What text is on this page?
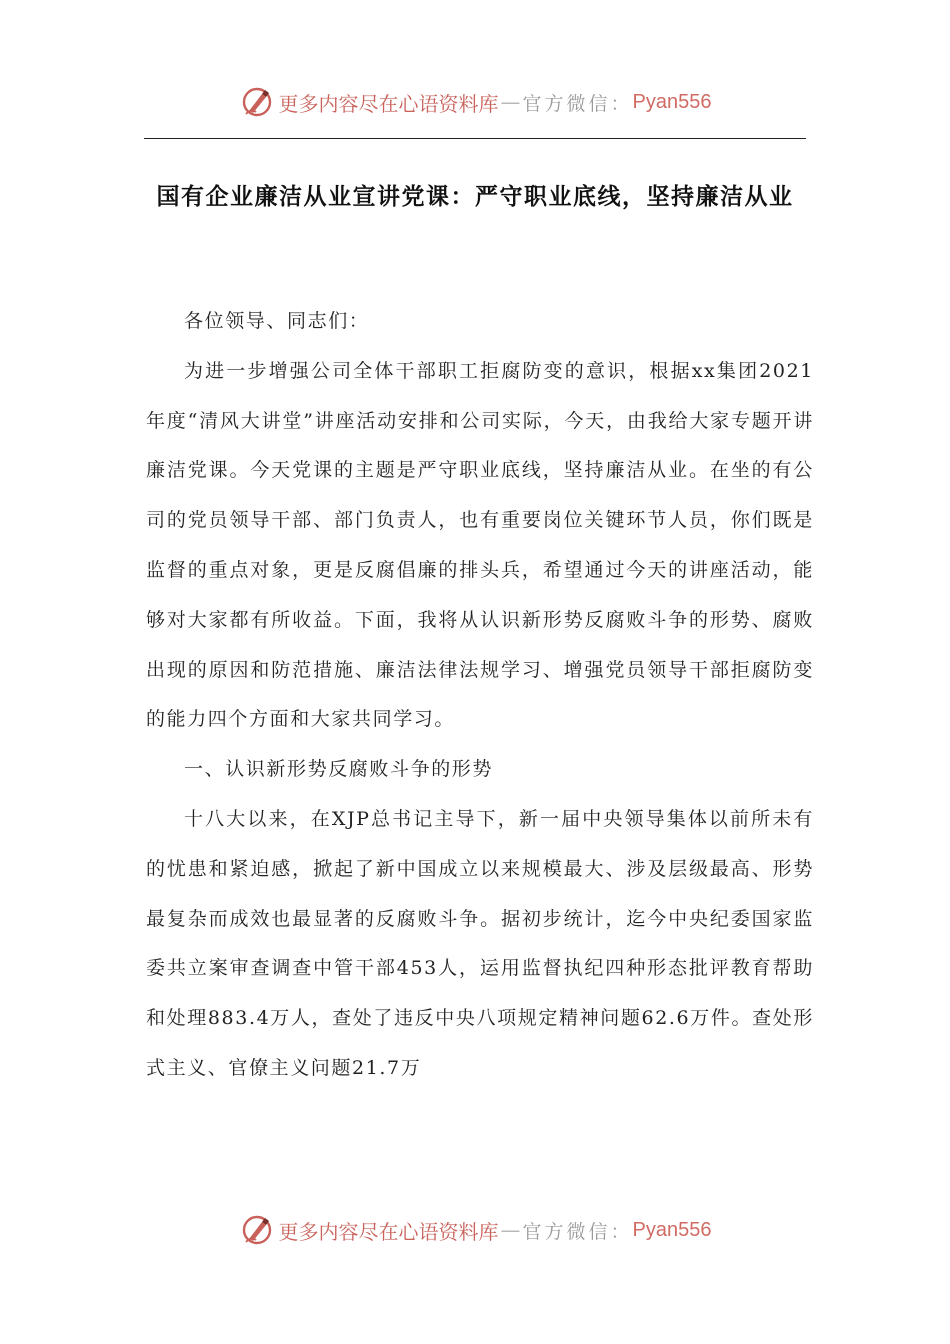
更多内容尽在心语资料库 — 官方微信： Pyan556
国有企业廉洁从业宣讲党课：严守职业底线，坚持廉洁从业

各位领导、同志们：

为进一步增强公司全体干部职工拒腐防变的意识，根据xx集团2021年度“清风大讲堂”讲座活动安排和公司实际，今天，由我给大家专题开讲廉洁党课。今天党课的主题是严守职业底线，坚持廉洁从业。在坐的有公司的党员领导干部、部门负责人，也有重要岗位关键环节人员，你们既是监督的重点对象，更是反腐倡廉的排头兵，希望通过今天的讲座活动，能够对大家都有所收益。下面，我将从认识新形势反腐败斗争的形势、腐败出现的原因和防范措施、廉洁法律法规学习、增强党员领导干部拒腐防变的能力四个方面和大家共同学习。

一、认识新形势反腐败斗争的形势

十八大以来，在XJP总书记主导下，新一届中央领导集体以前所未有的忧患和紧迫感，掀起了新中国成立以来规模最大、涉及层级最高、形势最复杂而成效也最显著的反腐败斗争。据初步统计，迄今中央纪委国家监委共立案审查调查中管干部453人，运用监督执纪四种形态批评教育帮助和处理883.4万人，查处了违反中央八项规定精神问题62.6万件。查处形式主义、官僚主义问题21.7万

更多内容尽在心语资料库 — 官方微信： Pyan556
